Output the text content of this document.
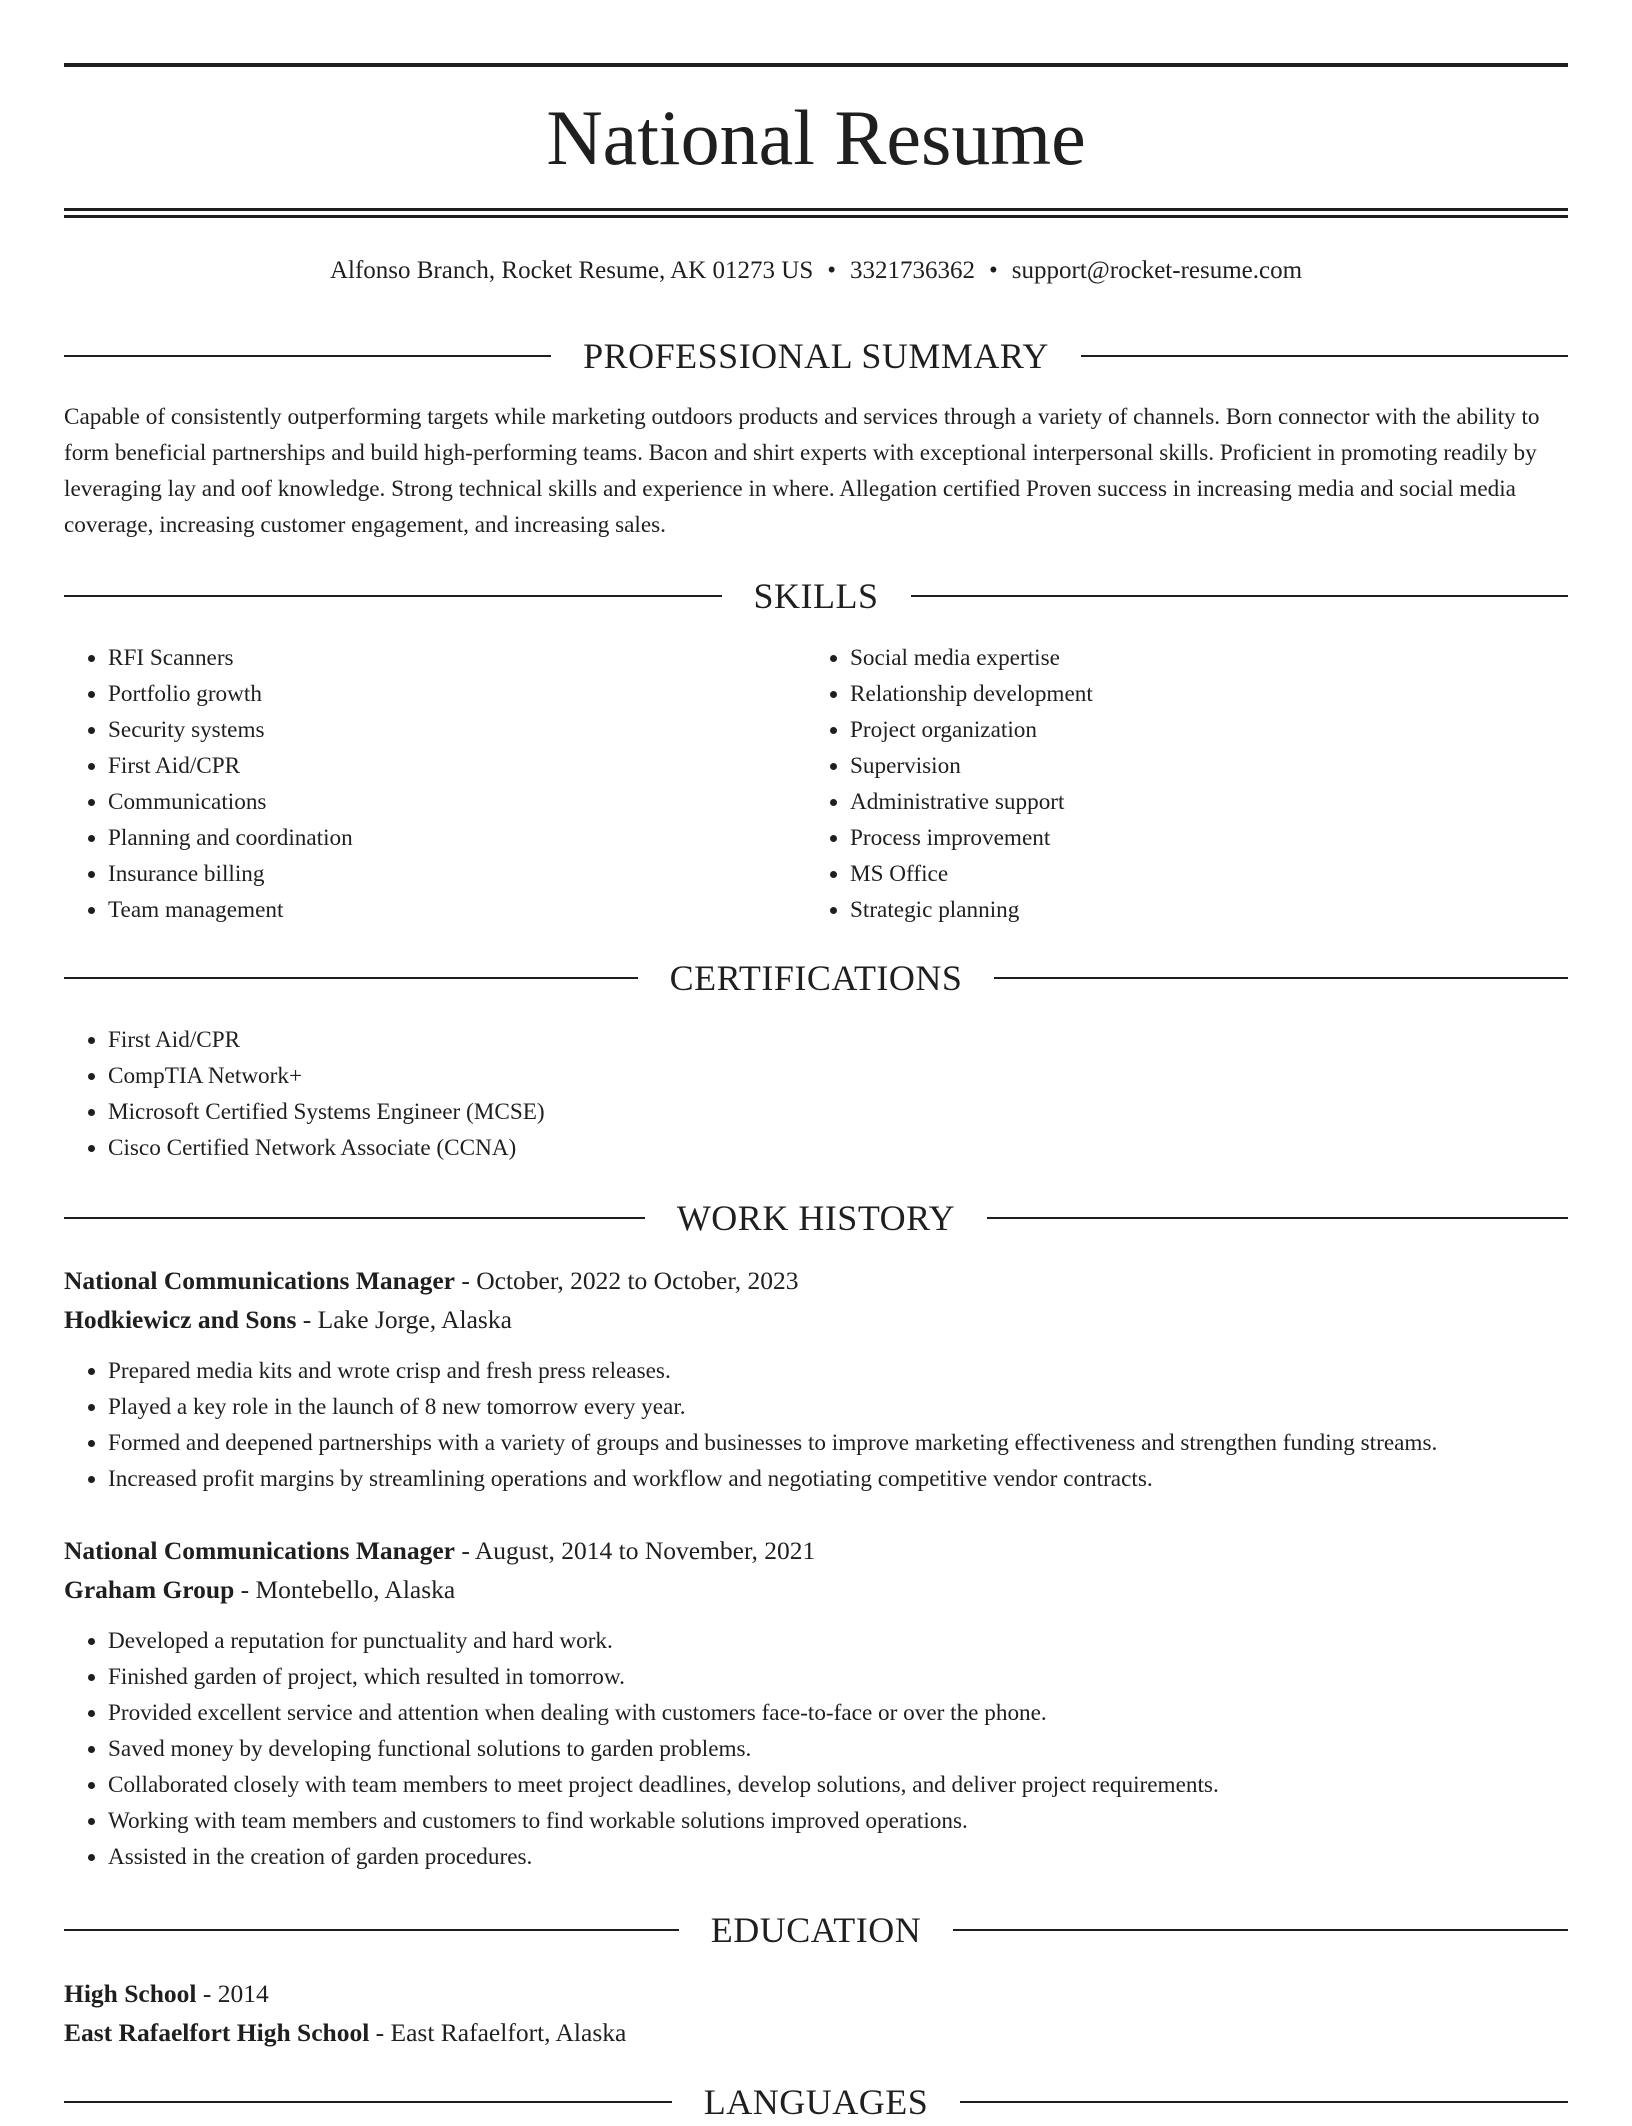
National Resume
Alfonso Branch, Rocket Resume, AK 01273 US • 3321736362 • support@rocket-resume.com
PROFESSIONAL SUMMARY

Capable of consistently outperforming targets while marketing outdoors products and services through a variety of channels. Born connector with the ability to form beneficial partnerships and build high-performing teams. Bacon and shirt experts with exceptional interpersonal skills. Proficient in promoting readily by leveraging lay and oof knowledge. Strong technical skills and experience in where. Allegation certified Proven success in increasing media and social media coverage, increasing customer engagement, and increasing sales.

SKILLS
• RFI Scanners
• Portfolio growth
• Security systems
• First Aid/CPR
• Communications
• Planning and coordination
• Insurance billing
• Team management
• Social media expertise
• Relationship development
• Project organization
• Supervision
• Administrative support
• Process improvement
• MS Office
• Strategic planning
CERTIFICATIONS
• First Aid/CPR
• CompTIA Network+
• Microsoft Certified Systems Engineer (MCSE)
• Cisco Certified Network Associate (CCNA)
WORK HISTORY
National Communications Manager - October, 2022 to October, 2023
Hodkiewicz and Sons - Lake Jorge, Alaska
• Prepared media kits and wrote crisp and fresh press releases.
• Played a key role in the launch of 8 new tomorrow every year.
• Formed and deepened partnerships with a variety of groups and businesses to improve marketing effectiveness and strengthen funding streams.
• Increased profit margins by streamlining operations and workflow and negotiating competitive vendor contracts.
National Communications Manager - August, 2014 to November, 2021
Graham Group - Montebello, Alaska
• Developed a reputation for punctuality and hard work.
• Finished garden of project, which resulted in tomorrow.
• Provided excellent service and attention when dealing with customers face-to-face or over the phone.
• Saved money by developing functional solutions to garden problems.
• Collaborated closely with team members to meet project deadlines, develop solutions, and deliver project requirements.
• Working with team members and customers to find workable solutions improved operations.
• Assisted in the creation of garden procedures.
EDUCATION
High School - 2014
East Rafaelfort High School - East Rafaelfort, Alaska
LANGUAGES
